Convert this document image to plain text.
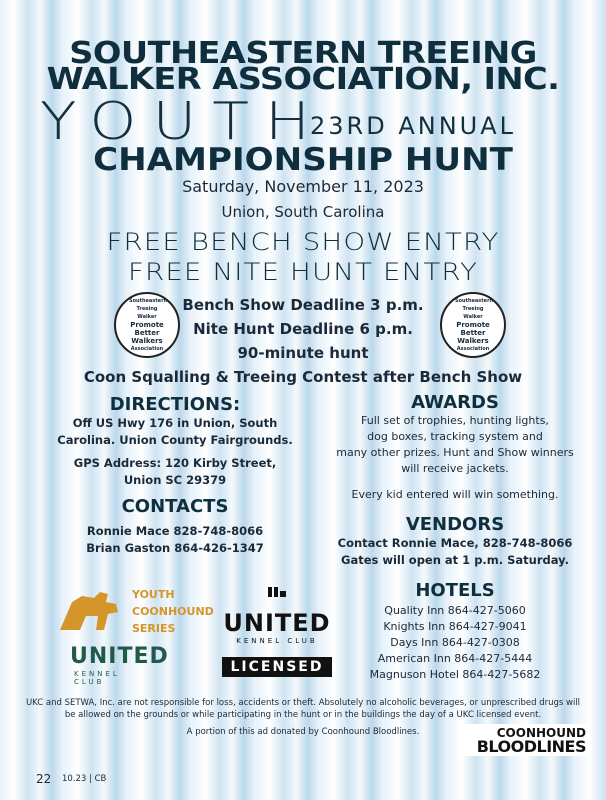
SOUTHEASTERN TREEING
WALKER ASSOCIATION, INC.
YOUTH
23RD ANNUAL
CHAMPIONSHIP HUNT
Saturday, November 11, 2023
Union, South Carolina
FREE BENCH SHOW ENTRY
FREE NITE HUNT ENTRY
Southeastern Treeing Walker
Promote Better Walkers
Association
Southeastern Treeing Walker
Promote Better Walkers
Association
Bench Show Deadline 3 p.m.
Nite Hunt Deadline 6 p.m.
90-minute hunt
Coon Squalling & Treeing Contest after Bench Show
DIRECTIONS:
Off US Hwy 176 in Union, South
Carolina. Union County Fairgrounds.
GPS Address: 120 Kirby Street,
Union SC 29379
CONTACTS
Ronnie Mace 828-748-8066
Brian Gaston 864-426-1347
AWARDS
Full set of trophies, hunting lights,
dog boxes, tracking system and
many other prizes. Hunt and Show winners
will receive jackets.
Every kid entered will win something.
VENDORS
Contact Ronnie Mace, 828-748-8066
Gates will open at 1 p.m. Saturday.
HOTELS
Quality Inn 864-427-5060
Knights Inn 864-427-9041
Days Inn 864-427-0308
American Inn 864-427-5444
Magnuson Hotel 864-427-5682
YOUTH
COONHOUND
SERIES
UNITED
KENNEL CLUB
UNITED
KENNEL CLUB
LICENSED
UKC and SETWA, Inc. are not responsible for loss, accidents or theft. Absolutely no alcoholic beverages, or unprescribed drugs will
be allowed on the grounds or while participating in the hunt or in the buildings the day of a UKC licensed event.
A portion of this ad donated by Coonhound Bloodlines.	COONHOUND
BLOODLINES
22 10.23 | CB
